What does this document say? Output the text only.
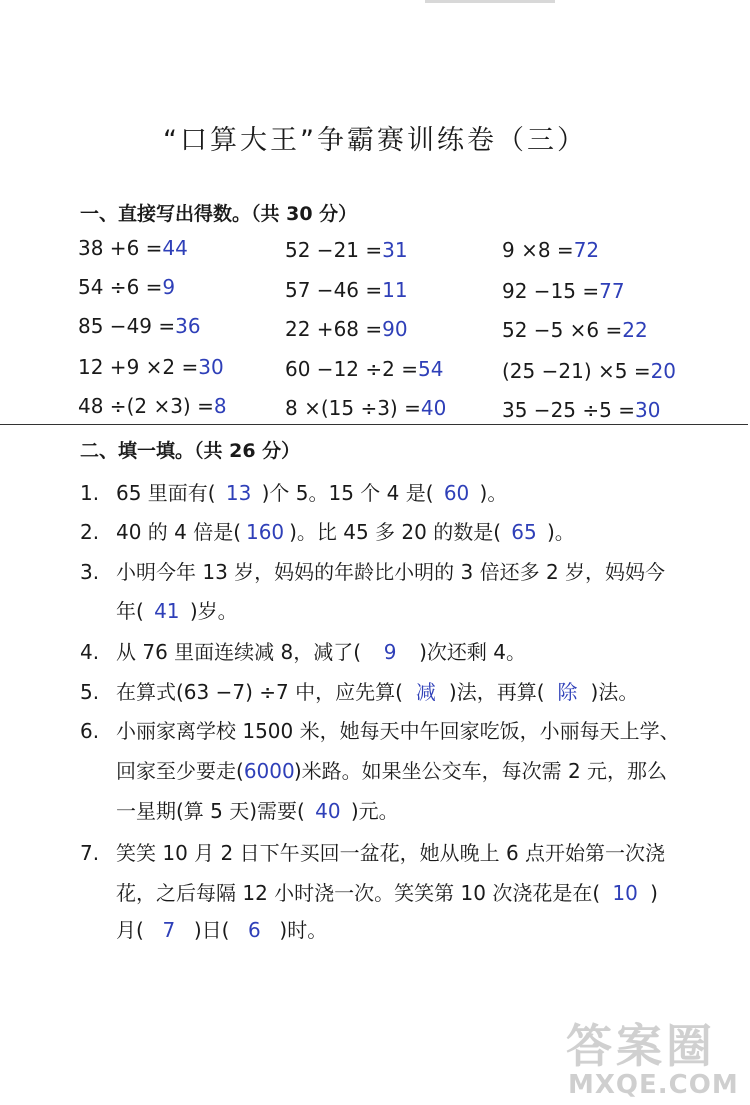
“口算大王”争霸赛训练卷（三）
一、直接写出得数。（共 30 分）
38 +6 =44	52 −21 =31	9 ×8 =72
54 ÷6 =9	57 −46 =11	92 −15 =77
85 −49 =36	22 +68 =90	52 −5 ×6 =22
12 +9 ×2 =30	60 −12 ÷2 =54	(25 −21) ×5 =20
48 ÷(2 ×3) =8	8 ×(15 ÷3) =40	35 −25 ÷5 =30
二、填一填。（共 26 分）
1. 65 里面有( 13 )个 5。15 个 4 是( 60 )。
2. 40 的 4 倍是( 160 )。比 45 多 20 的数是( 65 )。
3. 小明今年 13 岁，妈妈的年龄比小明的 3 倍还多 2 岁，妈妈今
年( 41 )岁。
4. 从 76 里面连续减 8，减了( 9 )次还剩 4。
5. 在算式(63 −7) ÷7 中，应先算( 减 )法，再算( 除 )法。
6. 小丽家离学校 1500 米，她每天中午回家吃饭，小丽每天上学、
回家至少要走(6000)米路。如果坐公交车，每次需 2 元，那么
一星期(算 5 天)需要( 40 )元。
7. 笑笑 10 月 2 日下午买回一盆花，她从晚上 6 点开始第一次浇
花，之后每隔 12 小时浇一次。笑笑第 10 次浇花是在( 10 )
月( 7 )日( 6 )时。
答案圈
MXQE.COM
